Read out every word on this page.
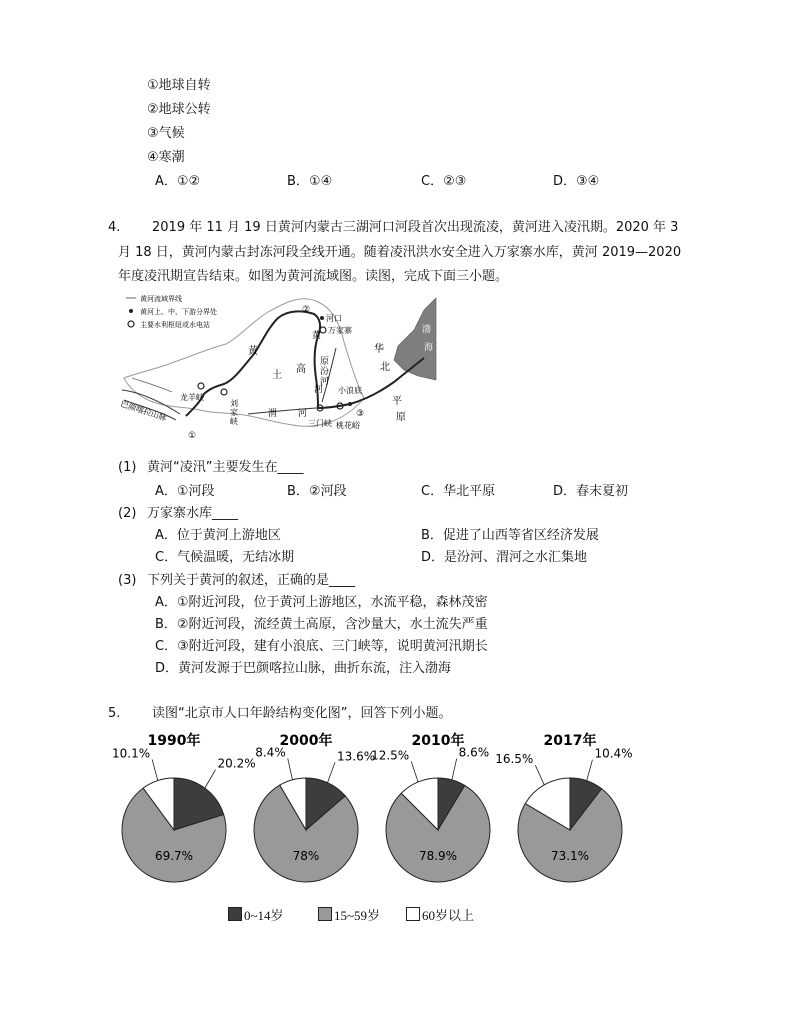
①地球自转
②地球公转
③气候
④寒潮
A．①②	B．①④	C．②③	D．③④
4. 2019 年 11 月 19 日黄河内蒙古三湖河口河段首次出现流凌，黄河进入凌汛期。2020 年 3
月 18 日，黄河内蒙古封冻河段全线开通。随着凌汛洪水安全进入万家寨水库，黄河 2019—2020
年度凌汛期宣告结束。如图为黄河流域图。读图，完成下面三小题。
黄河流域界线
黄河上、中、下游分界处
主要水利枢纽或水电站
河口
万家寨
②
黄
黄
土
高
原
汾
河
小浪底
三门峡 桃花峪
③
华
北
平
原
渤
海
龙羊峡
刘
家
峡
渭 河
①
巴颜喀拉山脉
河
(1) 黄河“凌汛”主要发生在____
A．①河段	B．②河段	C．华北平原	D．春末夏初
(2) 万家寨水库____
A．位于黄河上游地区	B．促进了山西等省区经济发展
C．气候温暖，无结冰期	D．是汾河、渭河之水汇集地
(3) 下列关于黄河的叙述，正确的是____
A．①附近河段，位于黄河上游地区，水流平稳，森林茂密
B．②附近河段，流经黄土高原，含沙量大，水土流失严重
C．③附近河段，建有小浪底、三门峡等，说明黄河汛期长
D．黄河发源于巴颜喀拉山脉，曲折东流，注入渤海
5. 读图“北京市人口年龄结构变化图”，回答下列小题。
1990年
20.2%
69.7%
10.1%
2000年
13.6%
78%
8.4%
2010年
8.6%
78.9%
12.5%
2017年
10.4%
73.1%
16.5%
0~14岁	15~59岁	60岁以上
